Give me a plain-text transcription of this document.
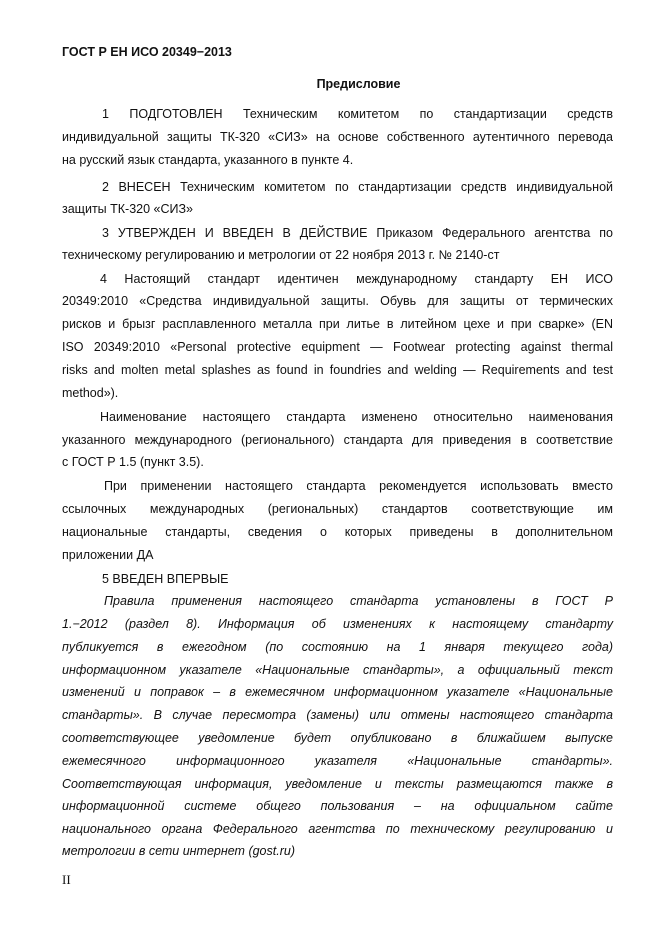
ГОСТ Р ЕН ИСО 20349−2013
Предисловие
1 ПОДГОТОВЛЕН Техническим комитетом по стандартизации средств
индивидуальной защиты ТК-320 «СИЗ» на основе собственного аутентичного перевода
на русский язык стандарта, указанного в пункте 4.
2 ВНЕСЕН Техническим комитетом по стандартизации средств индивидуальной
защиты ТК-320 «СИЗ»
3 УТВЕРЖДЕН И ВВЕДЕН В ДЕЙСТВИЕ Приказом Федерального агентства по
техническому регулированию и метрологии от 22 ноября 2013 г. № 2140-ст
4 Настоящий стандарт идентичен международному стандарту ЕН ИСО
20349:2010 «Средства индивидуальной защиты. Обувь для защиты от термических
рисков и брызг расплавленного металла при литье в литейном цехе и при сварке» (EN
ISO 20349:2010 «Personal protective equipment — Footwear protecting against thermal
risks and molten metal splashes as found in foundries and welding — Requirements and test
method»).
Наименование настоящего стандарта изменено относительно наименования
указанного международного (регионального) стандарта для приведения в соответствие
с ГОСТ Р 1.5 (пункт 3.5).
При применении настоящего стандарта рекомендуется использовать вместо
ссылочных международных (региональных) стандартов соответствующие им
национальные стандарты, сведения о которых приведены в дополнительном
приложении ДА
5 ВВЕДЕН ВПЕРВЫЕ
Правила применения настоящего стандарта установлены в ГОСТ Р
1.−2012 (раздел 8). Информация об изменениях к настоящему стандарту
публикуется в ежегодном (по состоянию на 1 января текущего года)
информационном указателе «Национальные стандарты», а официальный текст
изменений и поправок – в ежемесячном информационном указателе «Национальные
стандарты». В случае пересмотра (замены) или отмены настоящего стандарта
соответствующее уведомление будет опубликовано в ближайшем выпуске
ежемесячного информационного указателя «Национальные стандарты».
Соответствующая информация, уведомление и тексты размещаются также в
информационной системе общего пользования – на официальном сайте
национального органа Федерального агентства по техническому регулированию и
метрологии в сети интернет (gost.ru)
II
